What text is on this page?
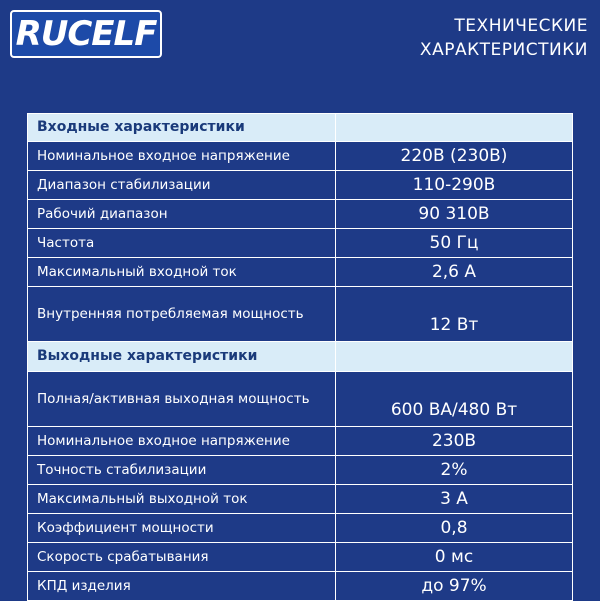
RUCELF	ТЕХНИЧЕСКИЕ
ХАРАКТЕРИСТИКИ
Входные характеристики	
Номинальное входное напряжение	220В (230В)
Диапазон стабилизации	110-290В
Рабочий диапазон	90 310В
Частота	50 Гц
Максимальный входной ток	2,6 А
Внутренняя потребляемая мощность	12 Вт
Выходные характеристики	
Полная/активная выходная мощность	600 ВА/480 Вт
Номинальное входное напряжение	230В
Точность стабилизации	2%
Максимальный выходной ток	3 А
Коэффициент мощности	0,8
Скорость срабатывания	0 мс
КПД изделия	до 97%
